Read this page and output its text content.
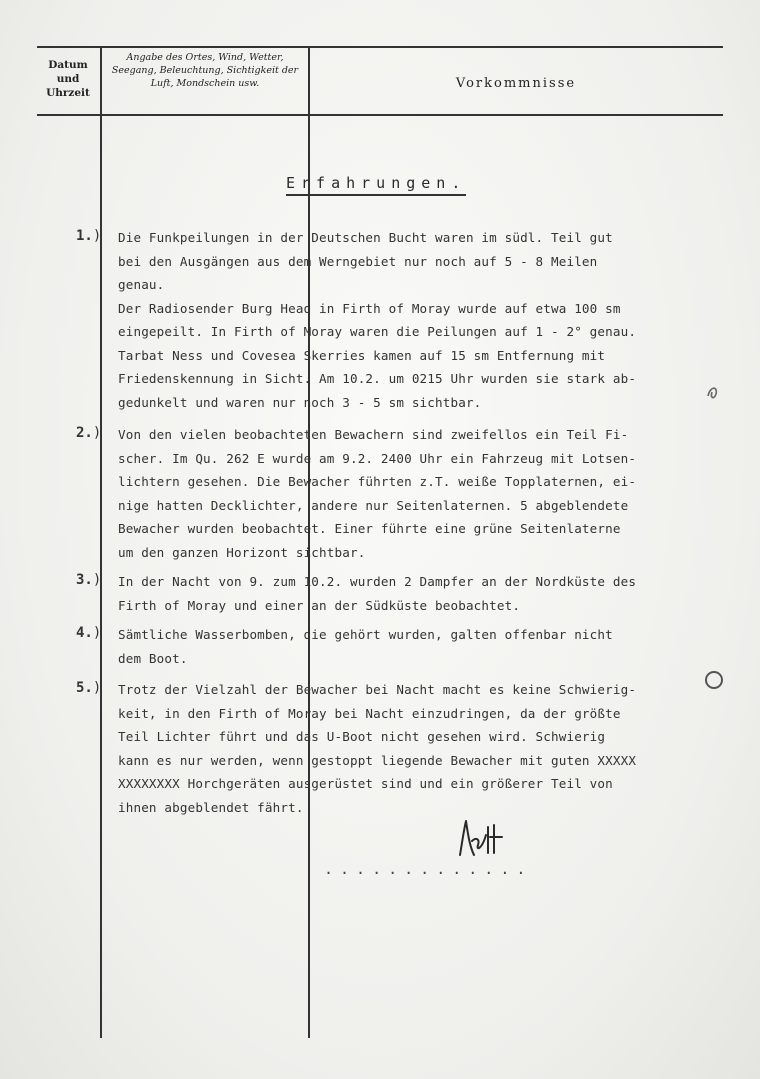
Datum und Uhrzeit
Angabe des Ortes, Wind, Wetter, Seegang, Beleuchtung, Sichtigkeit der Luft, Mondschein usw.	Vorkommnisse
Erfahrungen.
1.) Die Funkpeilungen in der Deutschen Bucht waren im südl. Teil gut
bei den Ausgängen aus dem Werngebiet nur noch auf 5 - 8 Meilen
genau.
Der Radiosender Burg Head in Firth of Moray wurde auf etwa 100 sm
eingepeilt. In Firth of Moray waren die Peilungen auf 1 - 2° genau.
Tarbat Ness und Covesea Skerries kamen auf 15 sm Entfernung mit
Friedenskennung in Sicht. Am 10.2. um 0215 Uhr wurden sie stark ab-
gedunkelt und waren nur noch 3 - 5 sm sichtbar.
2.) Von den vielen beobachteten Bewachern sind zweifellos ein Teil Fi-
scher. Im Qu. 262 E wurde am 9.2. 2400 Uhr ein Fahrzeug mit Lotsen-
lichtern gesehen. Die Bewacher führten z.T. weiße Topplaternen, ei-
nige hatten Decklichter, andere nur Seitenlaternen. 5 abgeblendete
Bewacher wurden beobachtet. Einer führte eine grüne Seitenlaterne
um den ganzen Horizont sichtbar.
3.) In der Nacht von 9. zum 10.2. wurden 2 Dampfer an der Nordküste des
Firth of Moray und einer an der Südküste beobachtet.
4.) Sämtliche Wasserbomben, die gehört wurden, galten offenbar nicht
dem Boot.
5.) Trotz der Vielzahl der Bewacher bei Nacht macht es keine Schwierig-
keit, in den Firth of Moray bei Nacht einzudringen, da der größte
Teil Lichter führt und das U-Boot nicht gesehen wird. Schwierig
kann es nur werden, wenn gestoppt liegende Bewacher mit guten XXXXX
XXXXXXXX Horchgeräten ausgerüstet sind und ein größerer Teil von
ihnen abgeblendet fährt.
.............
